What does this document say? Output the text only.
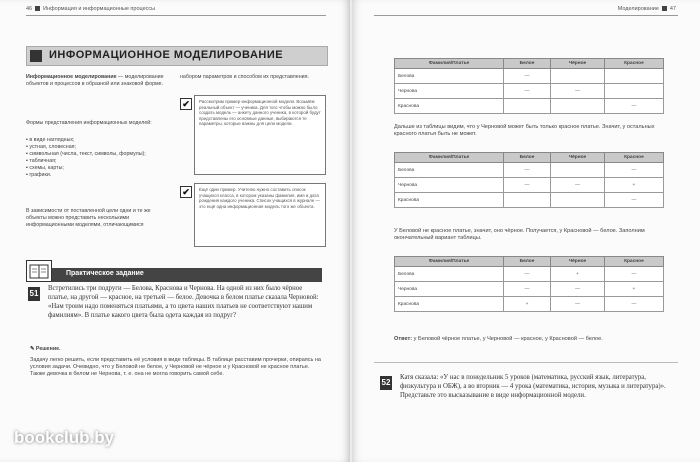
46 Информация и информационные процессы
ИНФОРМАЦИОННОЕ МОДЕЛИРОВАНИЕ
Информационное моделирование — моделирование объектов и процессов в образной или знаковой форме.
Формы представления информационных моделей:
▪ в виде наглядных;
▪ устная, словесная;
▪ символьная (числа, текст, символы, формулы);
▪ табличная;
▪ схемы, карты;
▪ графики.
В зависимости от поставленной цели одни и те же объекты можно представить несколькими информационными моделями, отличающимися
набором параметров и способом их представления.
✔	Рассмотрим пример информационной модели. Возьмём реальный объект — ученика. Для того чтобы можно было создать модель — анкету данного ученика, в которой будут представлены его основные данные, выбираются те параметры, которые важны для цели модели.
✔	Ещё один пример. Учителю нужно составить список учащихся класса, в котором указаны фамилия, имя и дата рождения каждого ученика. Список учащихся в журнале — это ещё одна информационная модель того же объекта.
Практическое задание
51
Встретились три подруги — Белова, Краснова и Чернова. На одной из них было чёрное платье, на другой — красное, на третьей — белое. Девочка в белом платье сказала Черновой: «Нам троим надо поменяться платьями, а то цвета наших платьев не соответствуют нашим фамилиям». В платье какого цвета была одета каждая из подруг?
✎ Решение.
Задачу легко решить, если представить её условия в виде таблицы. В таблице расставим прочерки, опираясь на условия задачи. Очевидно, что у Беловой не белое, у Черновой не чёрное и у Красновой не красное платье. Также девочка в белом не Чернова, т. е. она не могла говорить самой себе.
Моделирование 47
Фамилия/Платье	Белое	Чёрное	Красное
Белова	—		
Чернова	—	—	
Краснова			—
Дальше из таблицы видим, что у Черновой может быть только красное платье. Значит, у остальных красного платья быть не может.
Фамилия/Платье	Белое	Чёрное	Красное
Белова	—		—
Чернова	—	—	+
Краснова			—
У Беловой не красное платье, значит, оно чёрное. Получается, у Красновой — белое. Заполним окончательный вариант таблицы.
Фамилия/Платье	Белое	Чёрное	Красное
Белова	—	+	—
Чернова	—	—	+
Краснова	+	—	—
Ответ: у Беловой чёрное платье, у Черновой — красное, у Красновой — белое.
52
Катя сказала: «У нас в понедельник 5 уроков (математика, русский язык, литература, физкультура и ОБЖ), а во вторник — 4 урока (математика, история, музыка и литература)». Представьте это высказывание в виде информационной модели.
bookclub.by
